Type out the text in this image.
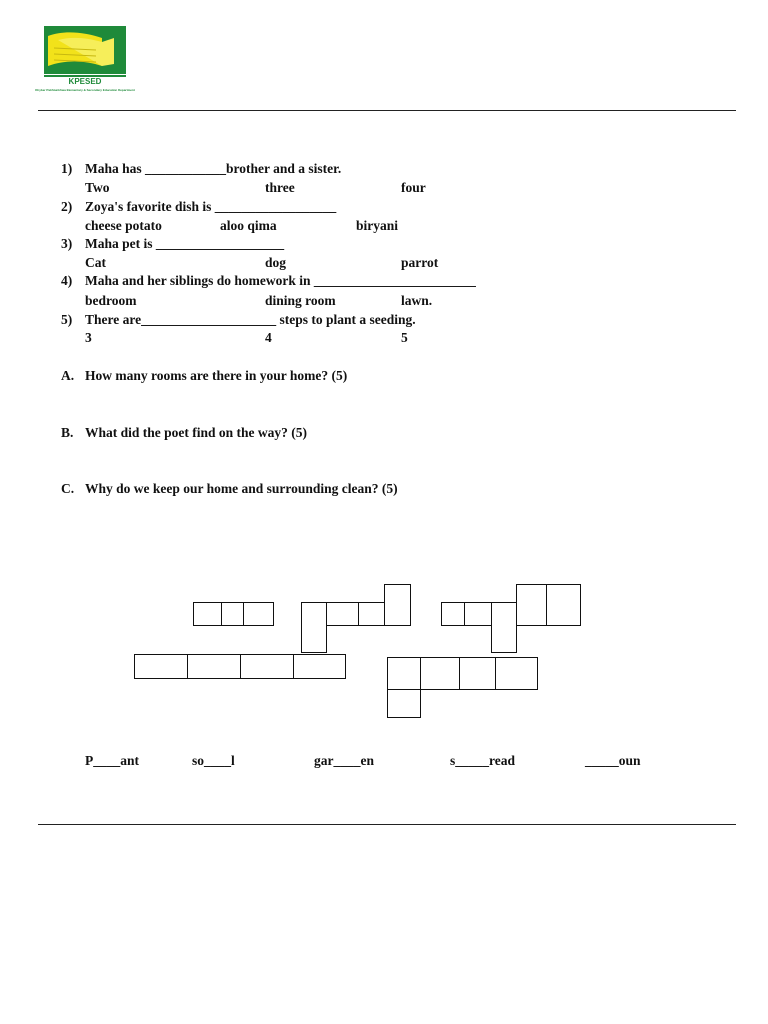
KPESED
Khyber Pakhtunkhwa Elementary & Secondary Education Department
1) Maha has ____________brother and a sister.
Two	three	four
2) Zoya's favorite dish is __________________
cheese potato	aloo qima	biryani
3) Maha pet is ___________________
Cat	dog	parrot
4) Maha and her siblings do homework in ________________________
bedroom	dining room	lawn.
5) There are____________________ steps to plant a seeding.
3	4	5
A. How many rooms are there in your home? (5)
B. What did the poet find on the way? (5)
C. Why do we keep our home and surrounding clean? (5)
P____ant	so____l	gar____en	s_____read	_____oun
